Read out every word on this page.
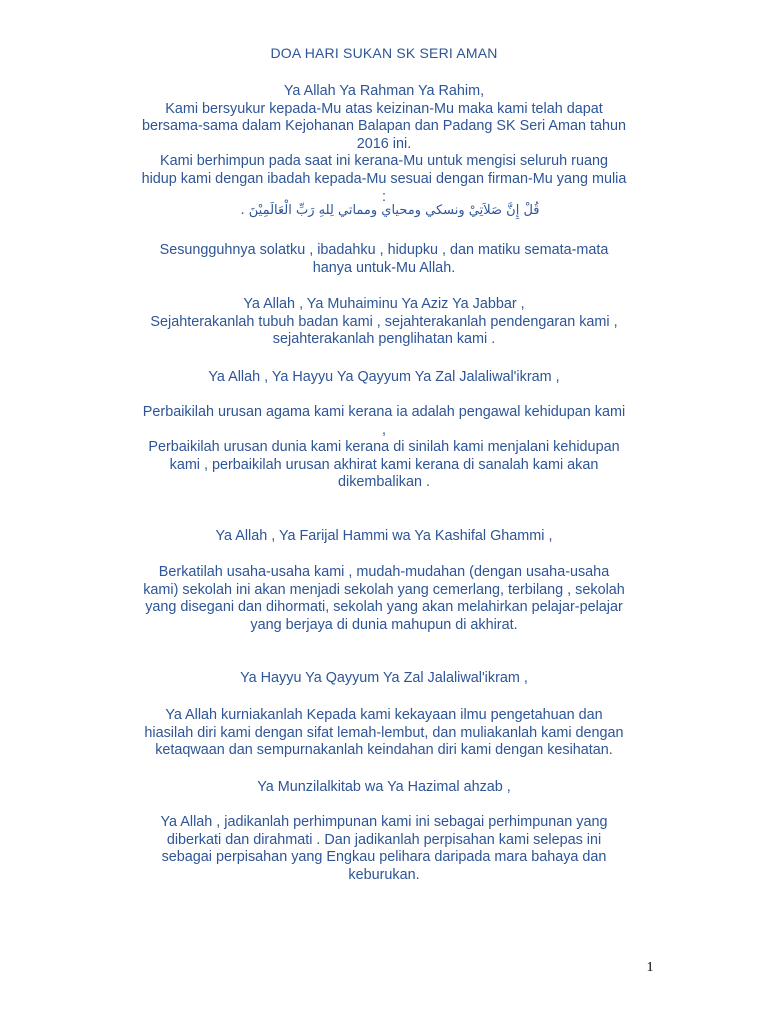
DOA HARI SUKAN SK SERI AMAN
Ya Allah Ya Rahman Ya Rahim,
Kami bersyukur kepada-Mu atas keizinan-Mu maka kami telah dapat
bersama-sama dalam Kejohanan Balapan dan Padang SK Seri Aman tahun
2016 ini.
Kami berhimpun pada saat ini kerana-Mu untuk mengisi seluruh ruang
hidup kami dengan ibadah kepada-Mu sesuai dengan firman-Mu yang mulia
:
قُلْ إِنَّ صَلاَتِيْ ونسكي ومحياي ومماتي لِلهِ رَبِّ الْعَالَمِيْنَ .
Sesungguhnya solatku , ibadahku , hidupku , dan matiku semata-mata
hanya untuk-Mu Allah.
Ya Allah , Ya Muhaiminu Ya Aziz Ya Jabbar ,
Sejahterakanlah tubuh badan kami , sejahterakanlah pendengaran kami ,
sejahterakanlah penglihatan kami .
Ya Allah , Ya Hayyu Ya Qayyum Ya Zal Jalaliwal'ikram ,
Perbaikilah urusan agama kami kerana ia adalah pengawal kehidupan kami
,
Perbaikilah urusan dunia kami kerana di sinilah kami menjalani kehidupan
kami , perbaikilah urusan akhirat kami kerana di sanalah kami akan
dikembalikan .
Ya Allah , Ya Farijal Hammi wa Ya Kashifal Ghammi ,
Berkatilah usaha-usaha kami , mudah-mudahan (dengan usaha-usaha
kami) sekolah ini akan menjadi sekolah yang cemerlang, terbilang , sekolah
yang disegani dan dihormati, sekolah yang akan melahirkan pelajar-pelajar
yang berjaya di dunia mahupun di akhirat.
Ya Hayyu Ya Qayyum Ya Zal Jalaliwal'ikram ,
Ya Allah kurniakanlah Kepada kami kekayaan ilmu pengetahuan dan
hiasilah diri kami dengan sifat lemah-lembut, dan muliakanlah kami dengan
ketaqwaan dan sempurnakanlah keindahan diri kami dengan kesihatan.
Ya Munzilalkitab wa Ya Hazimal ahzab ,
Ya Allah , jadikanlah perhimpunan kami ini sebagai perhimpunan yang
diberkati dan dirahmati . Dan jadikanlah perpisahan kami selepas ini
sebagai perpisahan yang Engkau pelihara daripada mara bahaya dan
keburukan.
1
